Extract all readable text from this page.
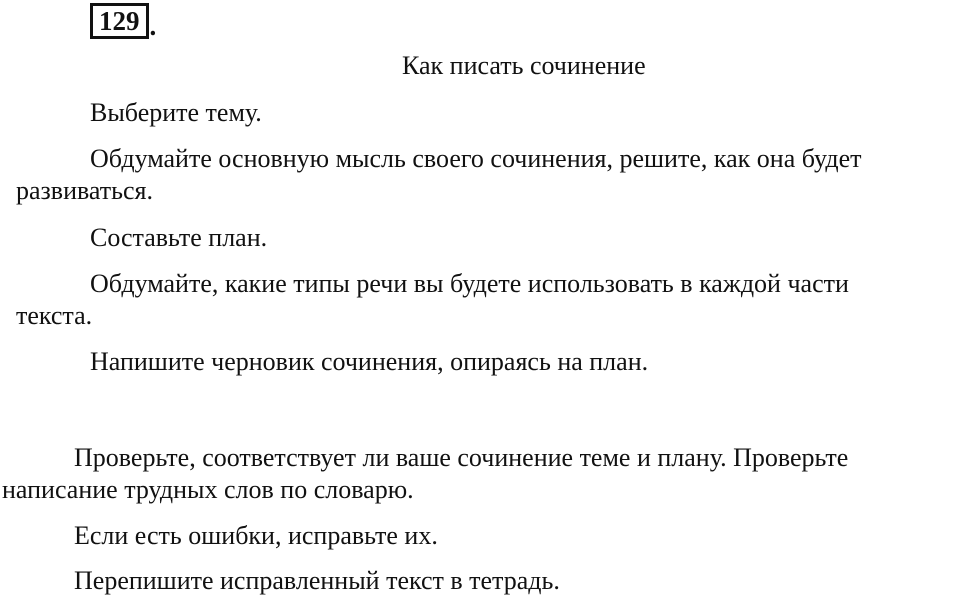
129 .
Как писать сочинение
Выберите тему.
Обдумайте основную мысль своего сочинения, решите, как она будет
развиваться.
Составьте план.
Обдумайте, какие типы речи вы будете использовать в каждой части
текста.
Напишите черновик сочинения, опираясь на план.
Проверьте, соответствует ли ваше сочинение теме и плану. Проверьте
написание трудных слов по словарю.
Если есть ошибки, исправьте их.
Перепишите исправленный текст в тетрадь.
